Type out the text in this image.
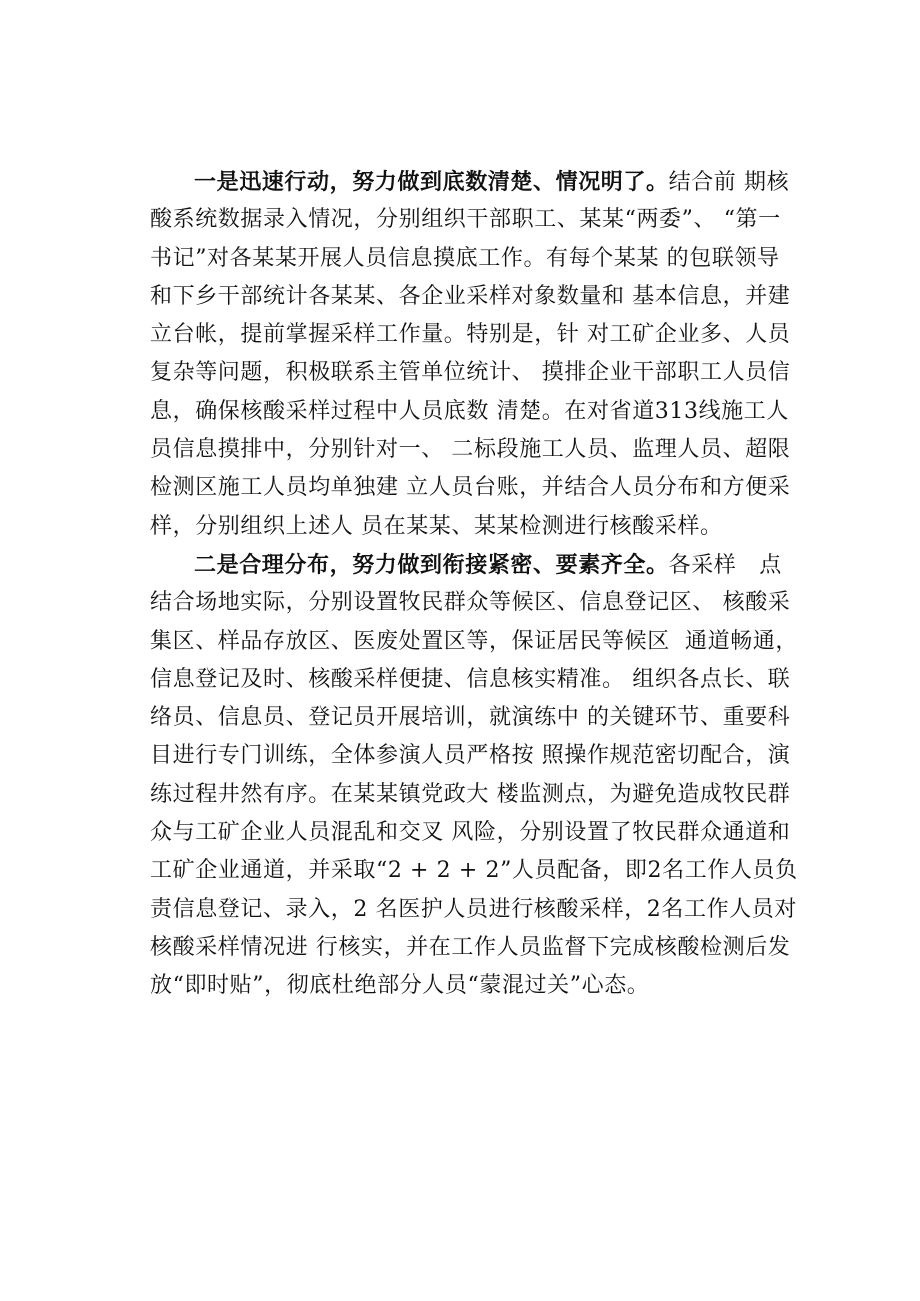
一是迅速行动，努力做到底数清楚、情况明了。结合前 期核
酸系统数据录入情况，分别组织干部职工、某某“两委”、 “第一
书记”对各某某开展人员信息摸底工作。有每个某某 的包联领导
和下乡干部统计各某某、各企业采样对象数量和 基本信息，并建
立台帐，提前掌握采样工作量。特别是，针 对工矿企业多、人员
复杂等问题，积极联系主管单位统计、 摸排企业干部职工人员信
息，确保核酸采样过程中人员底数 清楚。在对省道313线施工人
员信息摸排中，分别针对一、 二标段施工人员、监理人员、超限
检测区施工人员均单独建 立人员台账，并结合人员分布和方便采
样，分别组织上述人 员在某某、某某检测进行核酸采样。
二是合理分布，努力做到衔接紧密、要素齐全。各采样   点
结合场地实际，分别设置牧民群众等候区、信息登记区、 核酸采
集区、样品存放区、医废处置区等，保证居民等候区  通道畅通，
信息登记及时、核酸采样便捷、信息核实精准。 组织各点长、联
络员、信息员、登记员开展培训，就演练中 的关键环节、重要科
目进行专门训练，全体参演人员严格按 照操作规范密切配合，演
练过程井然有序。在某某镇党政大 楼监测点，为避免造成牧民群
众与工矿企业人员混乱和交叉 风险，分别设置了牧民群众通道和
工矿企业通道，并采取“2 + 2 + 2”人员配备，即2名工作人员负
责信息登记、录入，2 名医护人员进行核酸采样，2名工作人员对
核酸采样情况进 行核实，并在工作人员监督下完成核酸检测后发
放“即时贴”，彻底杜绝部分人员“蒙混过关”心态。
